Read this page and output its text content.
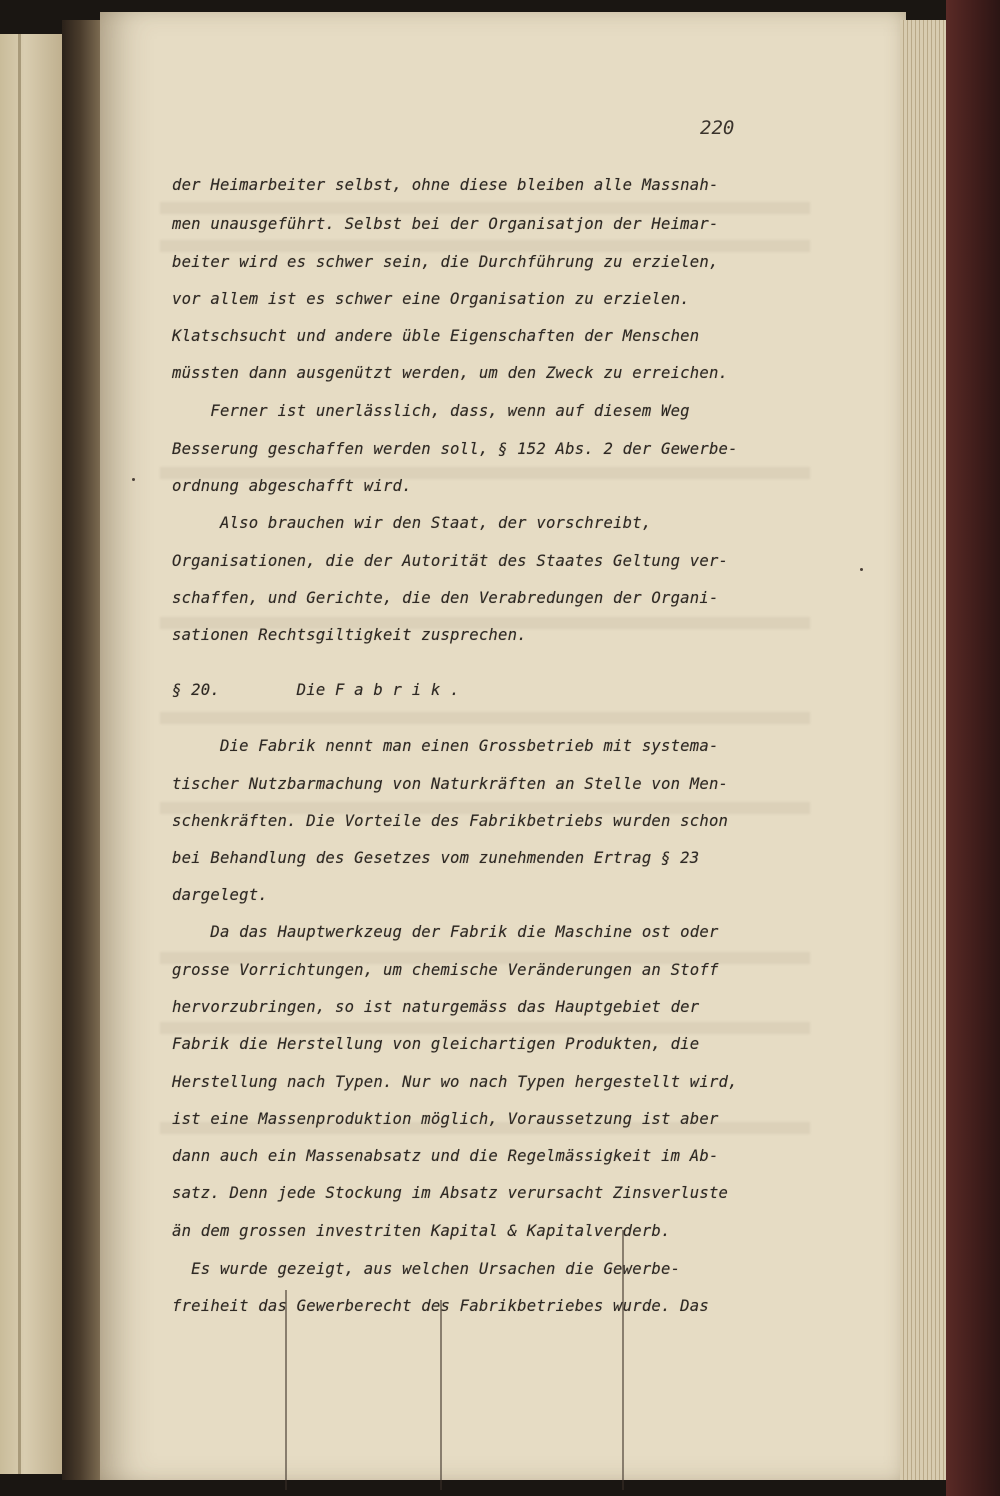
220
der Heimarbeiter selbst, ohne diese bleiben alle Massnah-
men unausgeführt. Selbst bei der Organisatjon der Heimar-
beiter wird es schwer sein, die Durchführung zu erzielen,
vor allem ist es schwer eine Organisation zu erzielen.
Klatschsucht und andere üble Eigenschaften der Menschen
müssten dann ausgenützt werden, um den Zweck zu erreichen.
Ferner ist unerlässlich, dass, wenn auf diesem Weg
Besserung geschaffen werden soll, § 152 Abs. 2 der Gewerbe-
ordnung abgeschafft wird.
Also brauchen wir den Staat, der vorschreibt,
Organisationen, die der Autorität des Staates Geltung ver-
schaffen, und Gerichte, die den Verabredungen der Organi-
sationen Rechtsgiltigkeit zusprechen.
§ 20.        Die F a b r i k .
Die Fabrik nennt man einen Grossbetrieb mit systema-
tischer Nutzbarmachung von Naturkräften an Stelle von Men-
schenkräften. Die Vorteile des Fabrikbetriebs wurden schon
bei Behandlung des Gesetzes vom zunehmenden Ertrag § 23
dargelegt.
Da das Hauptwerkzeug der Fabrik die Maschine ost oder
grosse Vorrichtungen, um chemische Veränderungen an Stoff
hervorzubringen, so ist naturgemäss das Hauptgebiet der
Fabrik die Herstellung von gleichartigen Produkten, die
Herstellung nach Typen. Nur wo nach Typen hergestellt wird,
ist eine Massenproduktion möglich, Voraussetzung ist aber
dann auch ein Massenabsatz und die Regelmässigkeit im Ab-
satz. Denn jede Stockung im Absatz verursacht Zinsverluste
än dem grossen investriten Kapital & Kapitalverderb.
Es wurde gezeigt, aus welchen Ursachen die Gewerbe-
freiheit das Gewerberecht des Fabrikbetriebes wurde. Das
